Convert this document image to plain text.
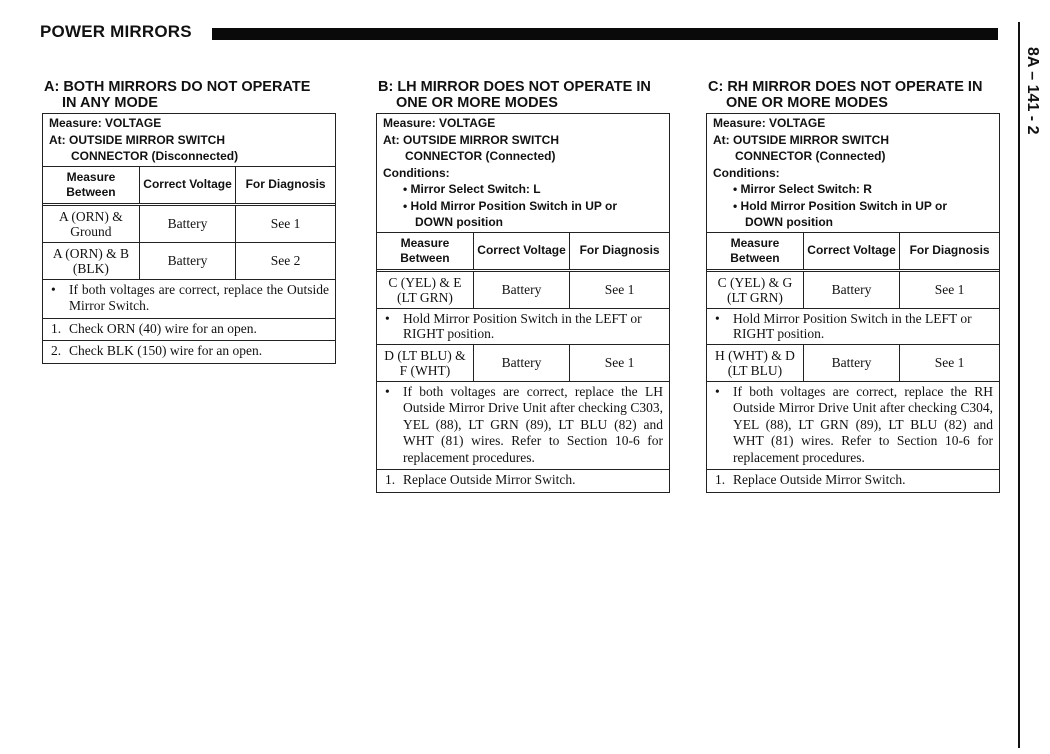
POWER MIRRORS
8A – 141 - 2
A: BOTH MIRRORS DO NOT OPERATE
IN ANY MODE
Measure: VOLTAGE
At: OUTSIDE MIRROR SWITCH
CONNECTOR (Disconnected)
Measure Between	Correct Voltage	For Diagnosis
A (ORN) & Ground	Battery	See 1
A (ORN) & B (BLK)	Battery	See 2
• If both voltages are correct, replace the Outside Mirror Switch.
1. Check ORN (40) wire for an open.
2. Check BLK (150) wire for an open.
B: LH MIRROR DOES NOT OPERATE IN
ONE OR MORE MODES
Measure: VOLTAGE
At: OUTSIDE MIRROR SWITCH
CONNECTOR (Connected)
Conditions:
• Mirror Select Switch: L
• Hold Mirror Position Switch in UP or
DOWN position
Measure Between	Correct Voltage	For Diagnosis
C (YEL) & E (LT GRN)	Battery	See 1
• Hold Mirror Position Switch in the LEFT or RIGHT position.		
D (LT BLU) & F (WHT)	Battery	See 1
• If both voltages are correct, replace the LH Outside Mirror Drive Unit after checking C303, YEL (88), LT GRN (89), LT BLU (82) and WHT (81) wires. Refer to Section 10-6 for replacement procedures.
1. Replace Outside Mirror Switch.
C: RH MIRROR DOES NOT OPERATE IN
ONE OR MORE MODES
Measure: VOLTAGE
At: OUTSIDE MIRROR SWITCH
CONNECTOR (Connected)
Conditions:
• Mirror Select Switch: R
• Hold Mirror Position Switch in UP or
DOWN position
Measure Between	Correct Voltage	For Diagnosis
C (YEL) & G (LT GRN)	Battery	See 1
• Hold Mirror Position Switch in the LEFT or RIGHT position.		
H (WHT) & D (LT BLU)	Battery	See 1
• If both voltages are correct, replace the RH Outside Mirror Drive Unit after checking C304, YEL (88), LT GRN (89), LT BLU (82) and WHT (81) wires. Refer to Section 10-6 for replacement procedures.
1. Replace Outside Mirror Switch.
